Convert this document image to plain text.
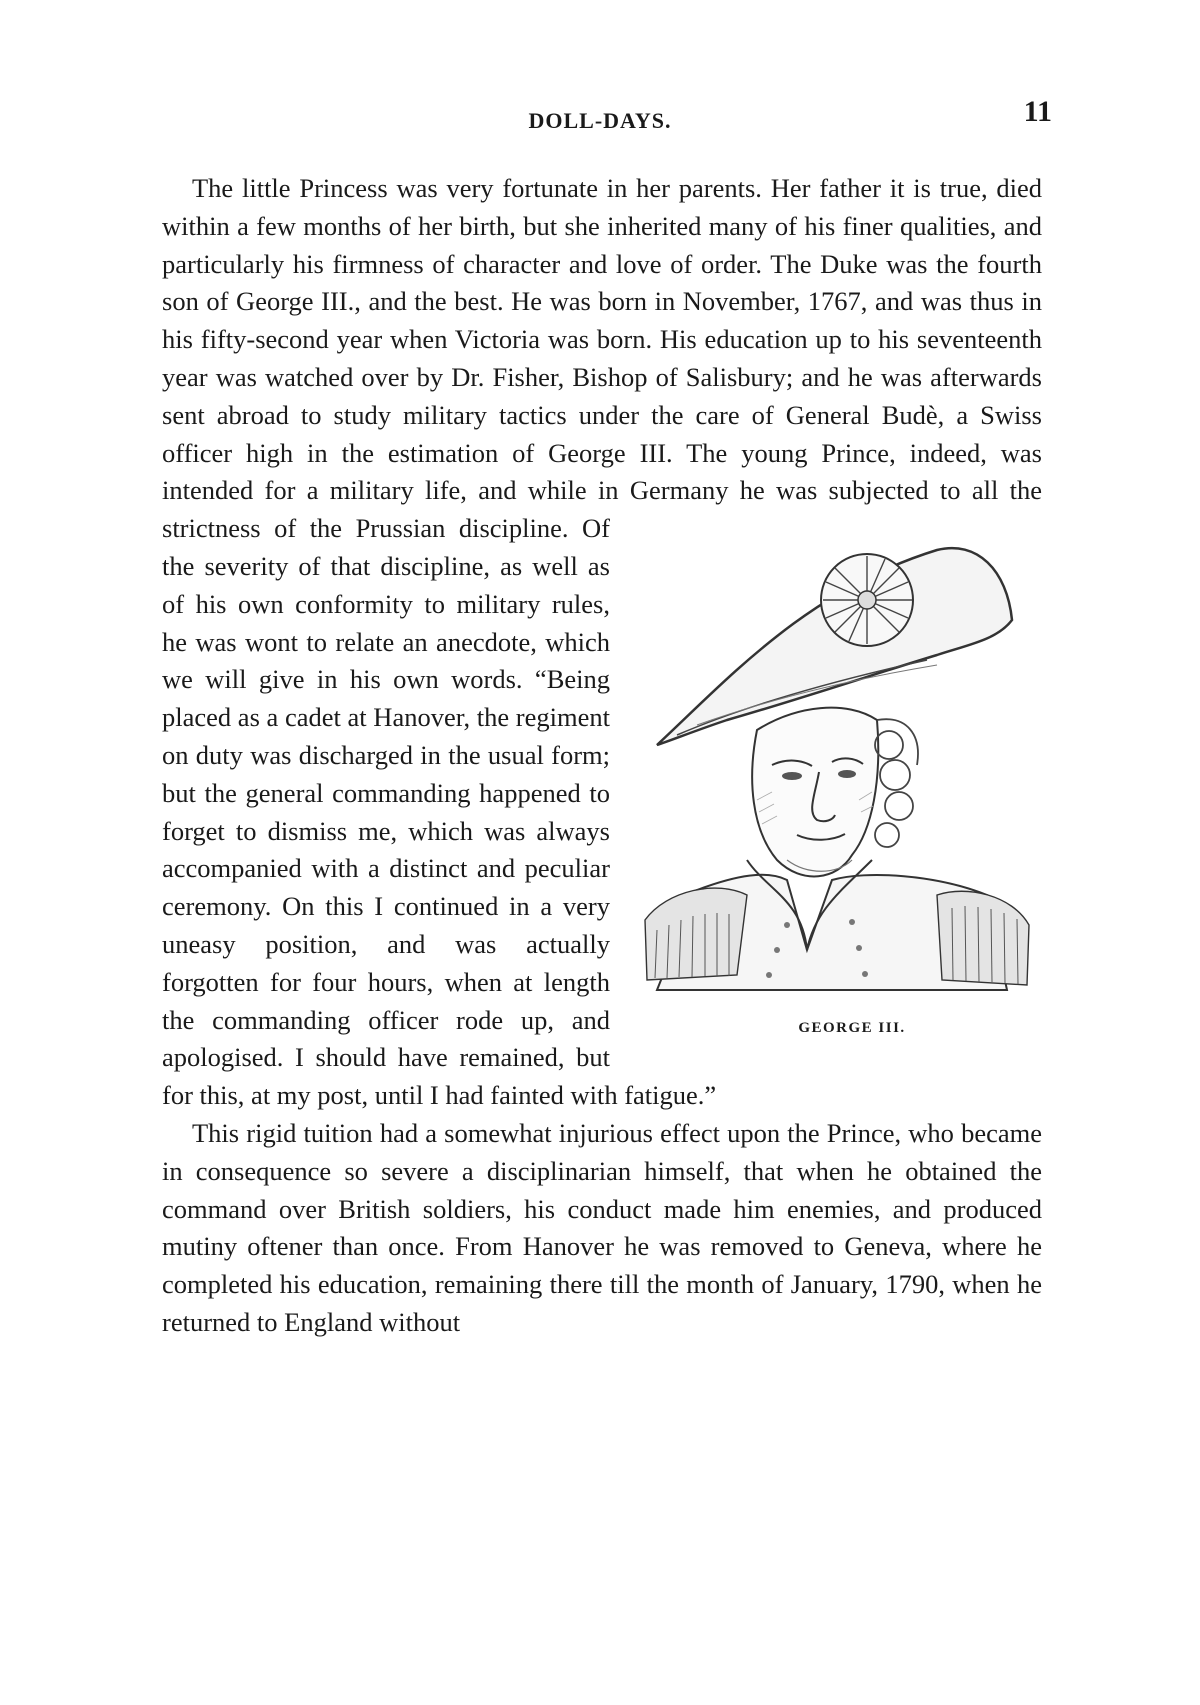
DOLL-DAYS.	11

The little Princess was very fortunate in her parents. Her father it is true, died within a few months of her birth, but she inherited many of his finer qualities, and particularly his firmness of character and love of order. The Duke was the fourth son of George III., and the best. He was born in November, 1767, and was thus in his fifty-second year when Victoria was born. His education up to his seventeenth year was watched over by Dr. Fisher, Bishop of Salisbury; and he was afterwards sent abroad to study military tactics under the care of General Budè, a Swiss officer high in the estimation of George III. The young Prince, indeed, was intended for a military life, and while in Germany he was subjected to all the strictness of the Prussian
GEORGE III.
discipline. Of the severity of that discipline, as well as of his own conformity to military rules, he was wont to relate an anecdote, which we will give in his own words. “Being placed as a cadet at Hanover, the regiment on duty was discharged in the usual form; but the general commanding happened to forget to dismiss me, which was always accompanied with a distinct and peculiar ceremony. On this I continued in a very uneasy position, and was actually forgotten for four hours, when at length the commanding officer rode up, and apologised. I should have remained, but for this, at my post, until I had fainted with fatigue.”

This rigid tuition had a somewhat injurious effect upon the Prince, who became in consequence so severe a disciplinarian himself, that when he obtained the command over British soldiers, his conduct made him enemies, and produced mutiny oftener than once. From Hanover he was removed to Geneva, where he completed his education, remaining there till the month of January, 1790, when he returned to England without
